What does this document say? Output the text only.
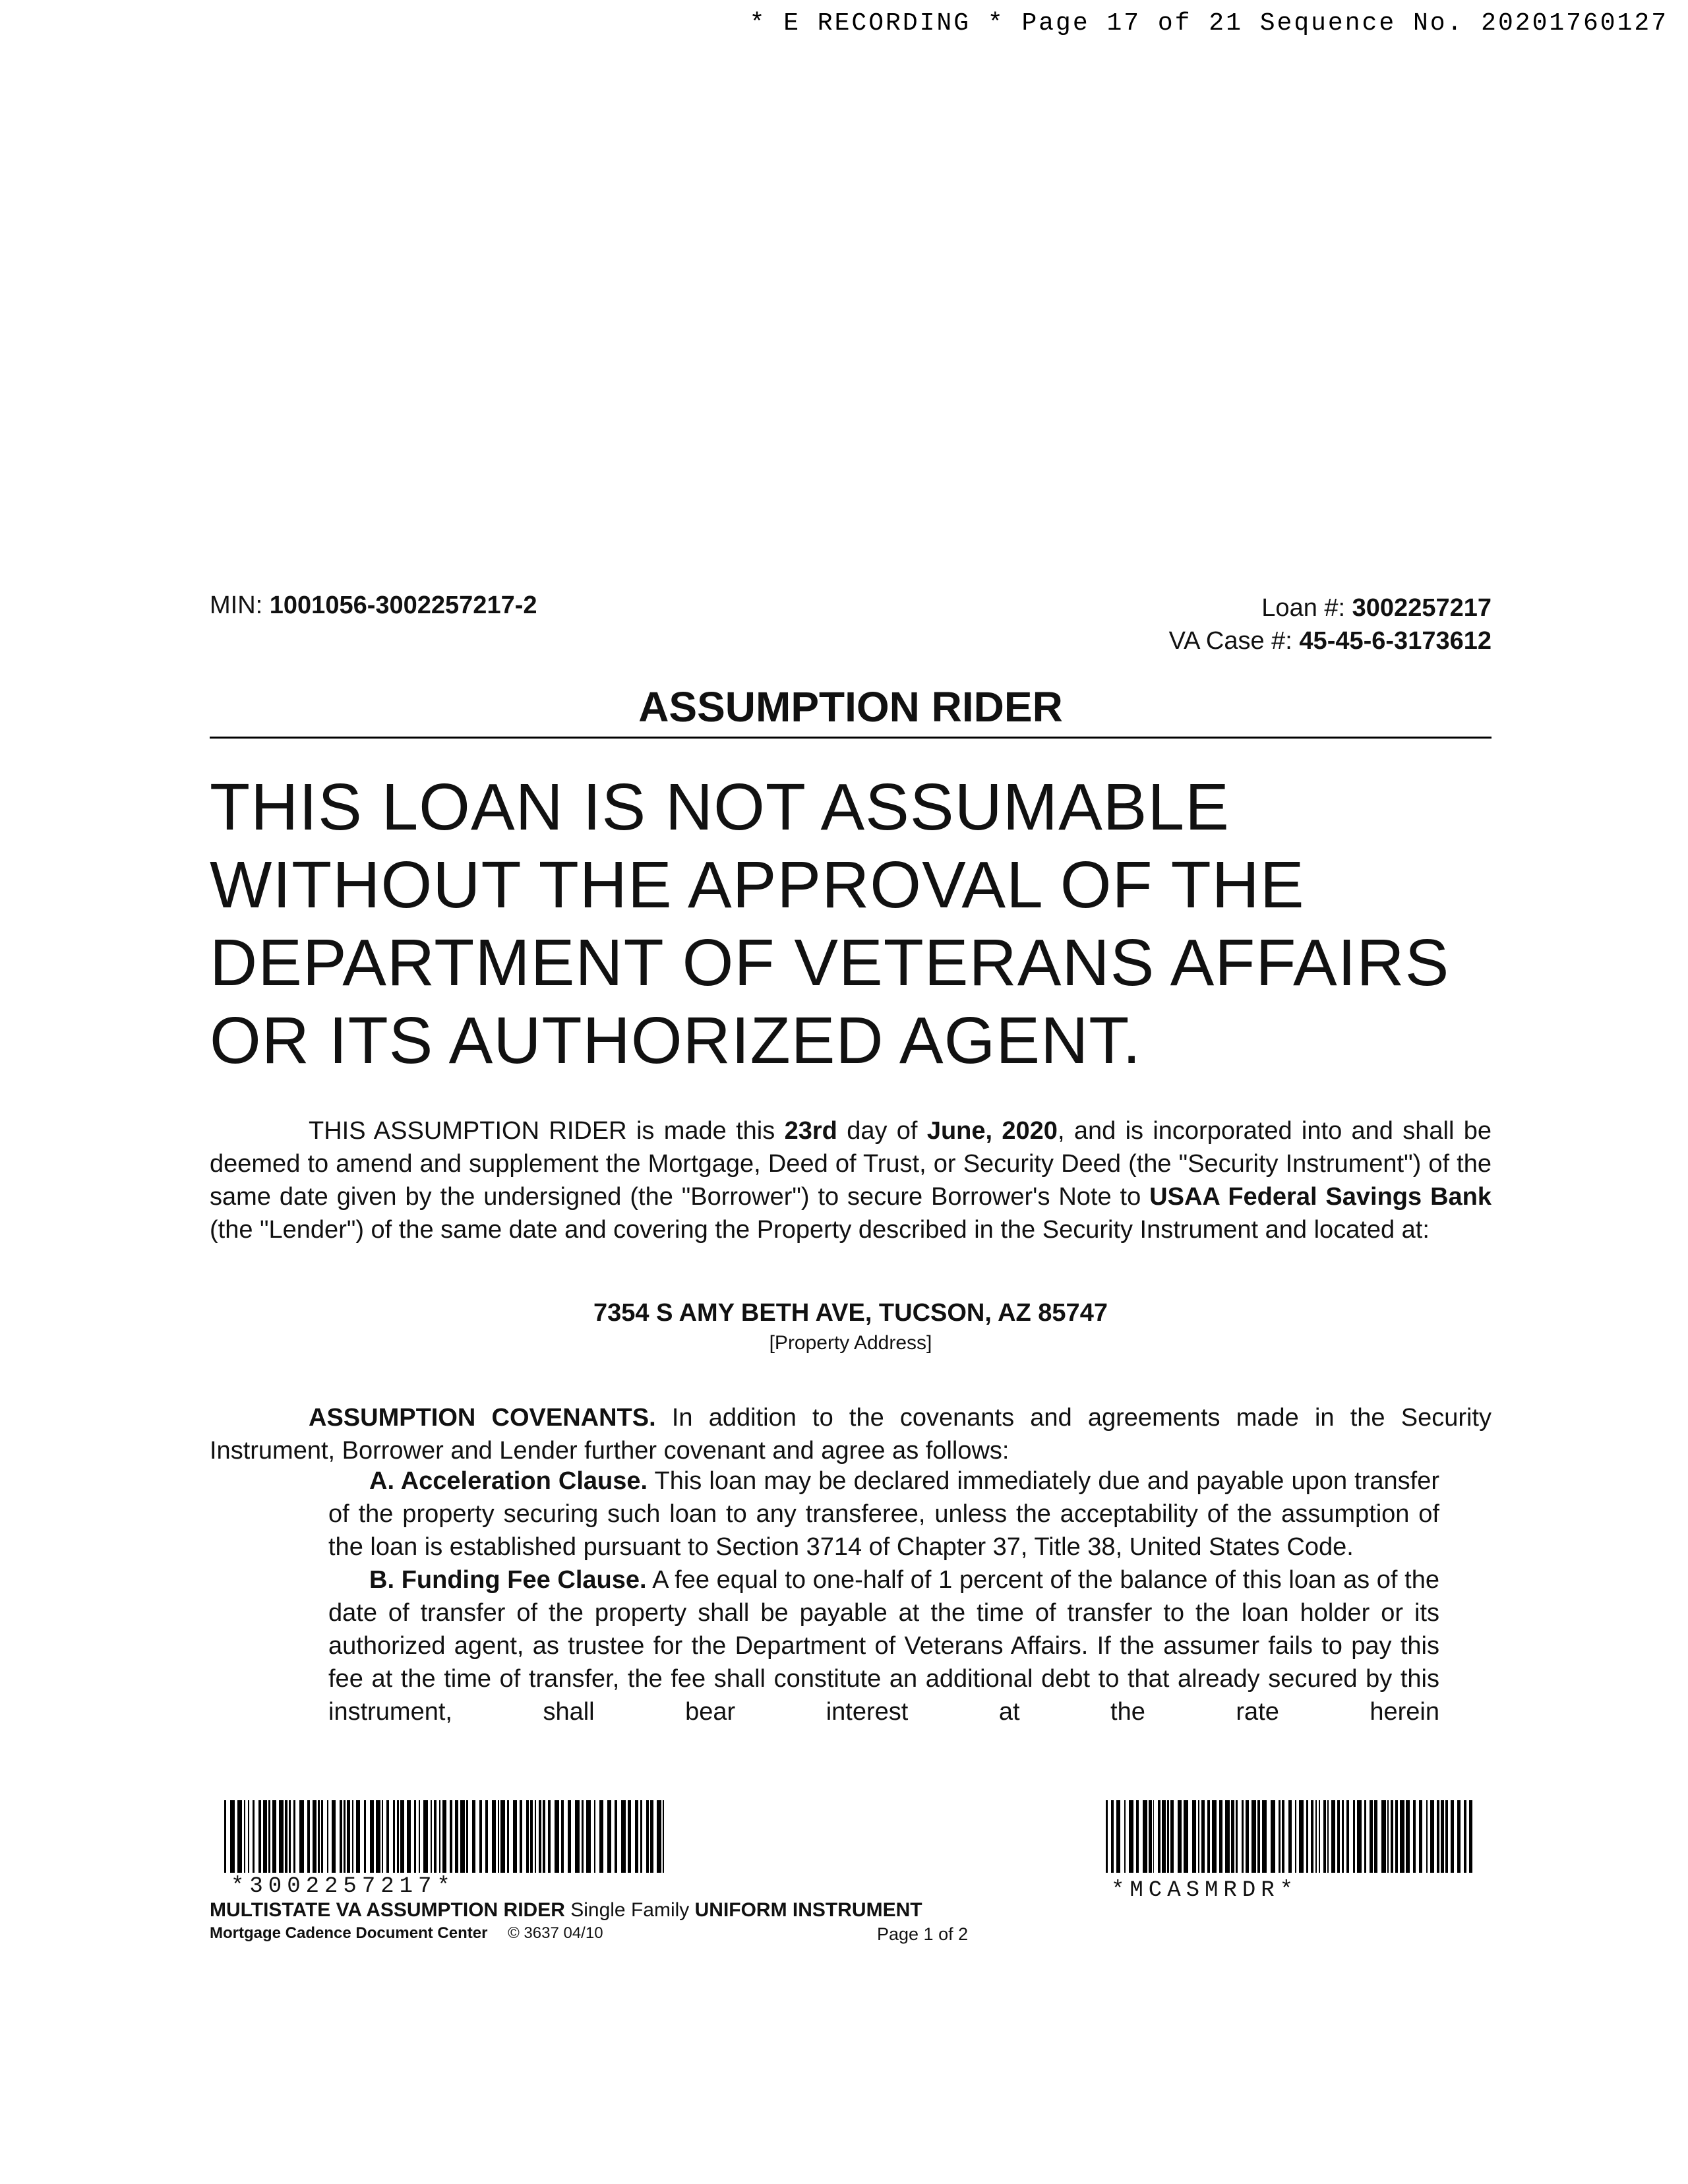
* E RECORDING * Page 17 of 21 Sequence No. 20201760127
MIN: 1001056-3002257217-2	Loan #: 3002257217
VA Case #: 45-45-6-3173612
ASSUMPTION RIDER
THIS LOAN IS NOT ASSUMABLE WITHOUT THE APPROVAL OF THE DEPARTMENT OF VETERANS AFFAIRS OR ITS AUTHORIZED AGENT.

THIS ASSUMPTION RIDER is made this 23rd day of June, 2020, and is incorporated into and shall be deemed to amend and supplement the Mortgage, Deed of Trust, or Security Deed (the "Security Instrument") of the same date given by the undersigned (the "Borrower") to secure Borrower's Note to USAA Federal Savings Bank (the "Lender") of the same date and covering the Property described in the Security Instrument and located at:

7354 S AMY BETH AVE, TUCSON, AZ 85747
[Property Address]

ASSUMPTION COVENANTS. In addition to the covenants and agreements made in the Security Instrument, Borrower and Lender further covenant and agree as follows:

A. Acceleration Clause. This loan may be declared immediately due and payable upon transfer of the property securing such loan to any transferee, unless the acceptability of the assumption of the loan is established pursuant to Section 3714 of Chapter 37, Title 38, United States Code.

B. Funding Fee Clause. A fee equal to one-half of 1 percent of the balance of this loan as of the date of transfer of the property shall be payable at the time of transfer to the loan holder or its authorized agent, as trustee for the Department of Veterans Affairs. If the assumer fails to pay this fee at the time of transfer, the fee shall constitute an additional debt to that already secured by this instrument, shall bear interest at the rate herein

*3002257217*	*MCASMRDR*
MULTISTATE VA ASSUMPTION RIDER Single Family UNIFORM INSTRUMENT
Mortgage Cadence Document Center © 3637 04/10	Page 1 of 2
